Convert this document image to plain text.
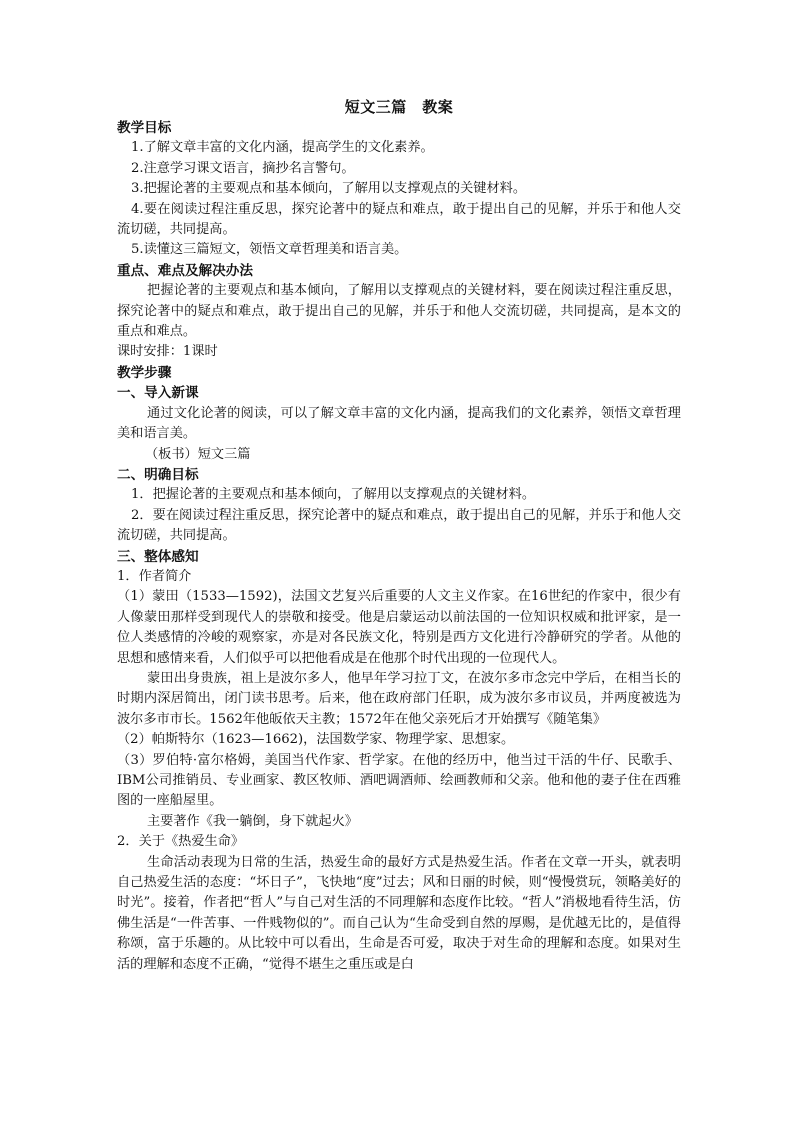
短文三篇　教案
教学目标
1.了解文章丰富的文化内涵，提高学生的文化素养。
2.注意学习课文语言，摘抄名言警句。
3.把握论著的主要观点和基本倾向，了解用以支撑观点的关键材料。
4.要在阅读过程注重反思，探究论著中的疑点和难点，敢于提出自己的见解，并乐于和他人交流切磋，共同提高。
5.读懂这三篇短文，领悟文章哲理美和语言美。
重点、难点及解决办法
把握论著的主要观点和基本倾向，了解用以支撑观点的关键材料，要在阅读过程注重反思，探究论著中的疑点和难点，敢于提出自己的见解，并乐于和他人交流切磋，共同提高，是本文的重点和难点。
课时安排：1课时
教学步骤
一、导入新课
通过文化论著的阅读，可以了解文章丰富的文化内涵，提高我们的文化素养，领悟文章哲理美和语言美。
（板书）短文三篇
二、明确目标
1．把握论著的主要观点和基本倾向，了解用以支撑观点的关键材料。
2．要在阅读过程注重反思，探究论著中的疑点和难点，敢于提出自己的见解，并乐于和他人交流切磋，共同提高。
三、整体感知
1．作者简介
（1）蒙田（1533—1592)，法国文艺复兴后重要的人文主义作家。在16世纪的作家中，很少有人像蒙田那样受到现代人的崇敬和接受。他是启蒙运动以前法国的一位知识权威和批评家，是一位人类感情的冷峻的观察家，亦是对各民族文化，特别是西方文化进行冷静研究的学者。从他的思想和感情来看，人们似乎可以把他看成是在他那个时代出现的一位现代人。
蒙田出身贵族，祖上是波尔多人，他早年学习拉丁文，在波尔多市念完中学后，在相当长的时期内深居简出，闭门读书思考。后来，他在政府部门任职，成为波尔多市议员，并两度被选为波尔多市市长。1562年他皈依天主教；1572年在他父亲死后才开始撰写《随笔集》
（2）帕斯特尔（1623—1662)，法国数学家、物理学家、思想家。
（3）罗伯特·富尔格姆，美国当代作家、哲学家。在他的经历中，他当过干活的牛仔、民歌手、IBM公司推销员、专业画家、教区牧师、酒吧调酒师、绘画教师和父亲。他和他的妻子住在西雅图的一座船屋里。
主要著作《我一躺倒，身下就起火》
2．关于《热爱生命》
生命活动表现为日常的生活，热爱生命的最好方式是热爱生活。作者在文章一开头，就表明自己热爱生活的态度：“坏日子”，飞快地“度”过去；风和日丽的时候，则“慢慢赏玩，领略美好的时光”。接着，作者把“哲人”与自己对生活的不同理解和态度作比较。“哲人”消极地看待生活，仿佛生活是“一件苦事、一件贱物似的”。而自己认为“生命受到自然的厚赐，是优越无比的，是值得称颂，富于乐趣的。从比较中可以看出，生命是否可爱，取决于对生命的理解和态度。如果对生活的理解和态度不正确，“觉得不堪生之重压或是白
